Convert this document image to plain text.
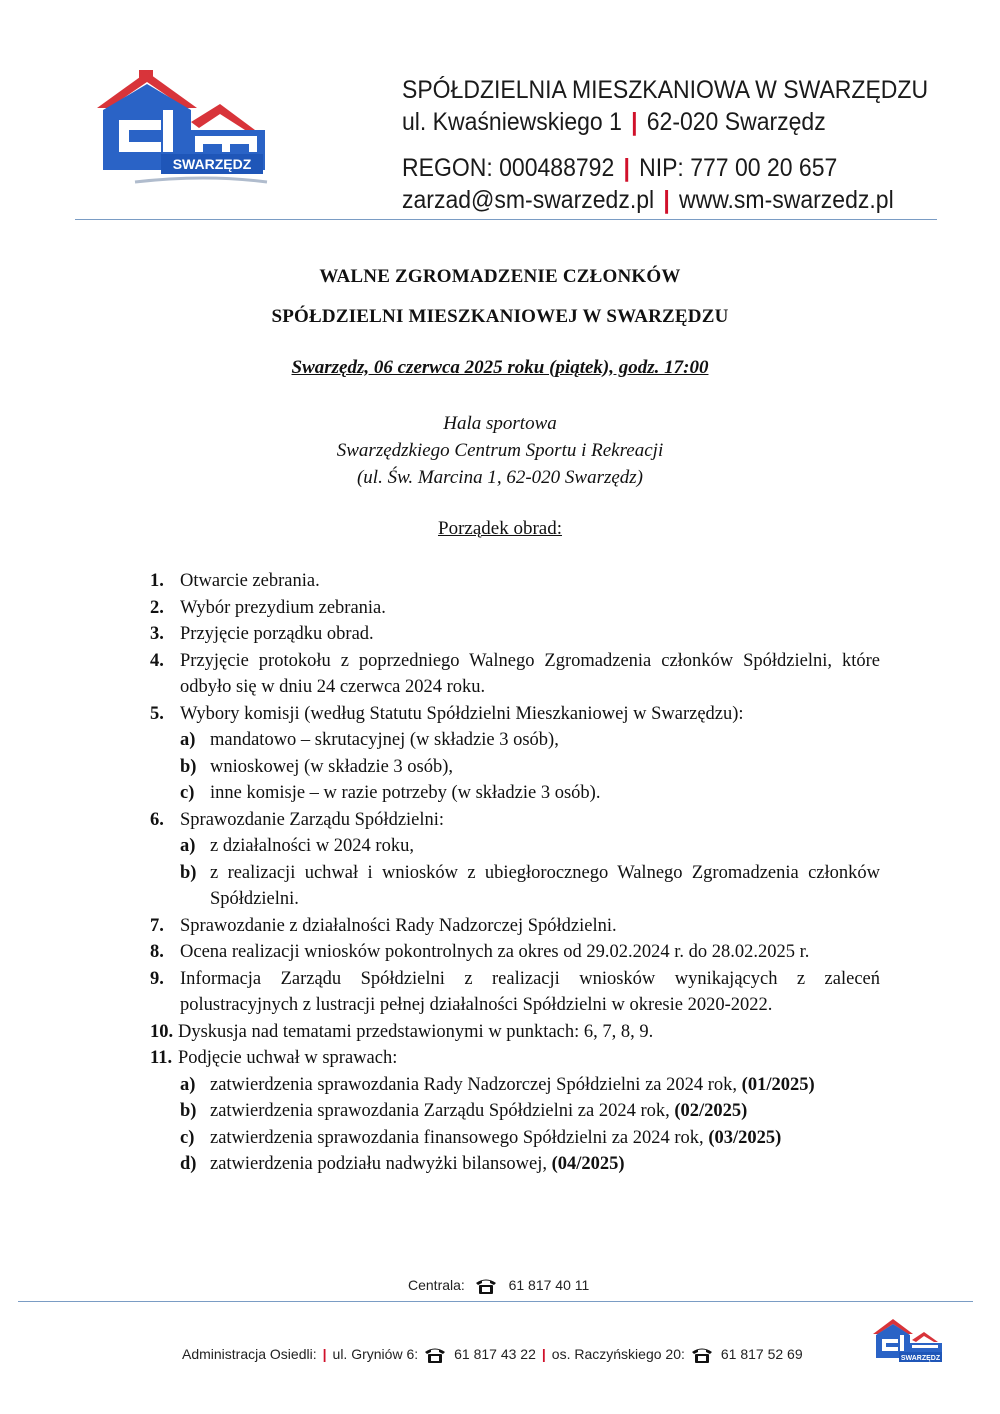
SWARZĘDZ
SPÓŁDZIELNIA MIESZKANIOWA W SWARZĘDZU
ul. Kwaśniewskiego 1 | 62-020 Swarzędz
REGON: 000488792 | NIP: 777 00 20 657
zarzad@sm-swarzedz.pl | www.sm-swarzedz.pl
WALNE ZGROMADZENIE CZŁONKÓW
SPÓŁDZIELNI MIESZKANIOWEJ W SWARZĘDZU
Swarzędz, 06 czerwca 2025 roku (piątek), godz. 17:00
Hala sportowa
Swarzędzkiego Centrum Sportu i Rekreacji
(ul. Św. Marcina 1, 62-020 Swarzędz)
Porządek obrad:
1. Otwarcie zebrania.
2. Wybór prezydium zebrania.
3. Przyjęcie porządku obrad.
4. Przyjęcie protokołu z poprzedniego Walnego Zgromadzenia członków Spółdzielni, które odbyło się w dniu 24 czerwca 2024 roku.
5. Wybory komisji (według Statutu Spółdzielni Mieszkaniowej w Swarzędzu):
a) mandatowo – skrutacyjnej (w składzie 3 osób),
b) wnioskowej (w składzie 3 osób),
c) inne komisje – w razie potrzeby (w składzie 3 osób).
6. Sprawozdanie Zarządu Spółdzielni:
a) z działalności w 2024 roku,
b) z realizacji uchwał i wniosków z ubiegłorocznego Walnego Zgromadzenia członków Spółdzielni.
7. Sprawozdanie z działalności Rady Nadzorczej Spółdzielni.
8. Ocena realizacji wniosków pokontrolnych za okres od 29.02.2024 r. do 28.02.2025 r.
9. Informacja Zarządu Spółdzielni z realizacji wniosków wynikających z zaleceń polustracyjnych z lustracji pełnej działalności Spółdzielni w okresie 2020-2022.
10. Dyskusja nad tematami przedstawionymi w punktach: 6, 7, 8, 9.
11. Podjęcie uchwał w sprawach:
a) zatwierdzenia sprawozdania Rady Nadzorczej Spółdzielni za 2024 rok, (01/2025)
b) zatwierdzenia sprawozdania Zarządu Spółdzielni za 2024 rok, (02/2025)
c) zatwierdzenia sprawozdania finansowego Spółdzielni za 2024 rok, (03/2025)
d) zatwierdzenia podziału nadwyżki bilansowej, (04/2025)
Centrala:	61 817 40 11
Administracja Osiedli: | ul. Gryniów 6:	61 817 43 22 | os. Raczyńskiego 20:	61 817 52 69	SWARZĘDZ
